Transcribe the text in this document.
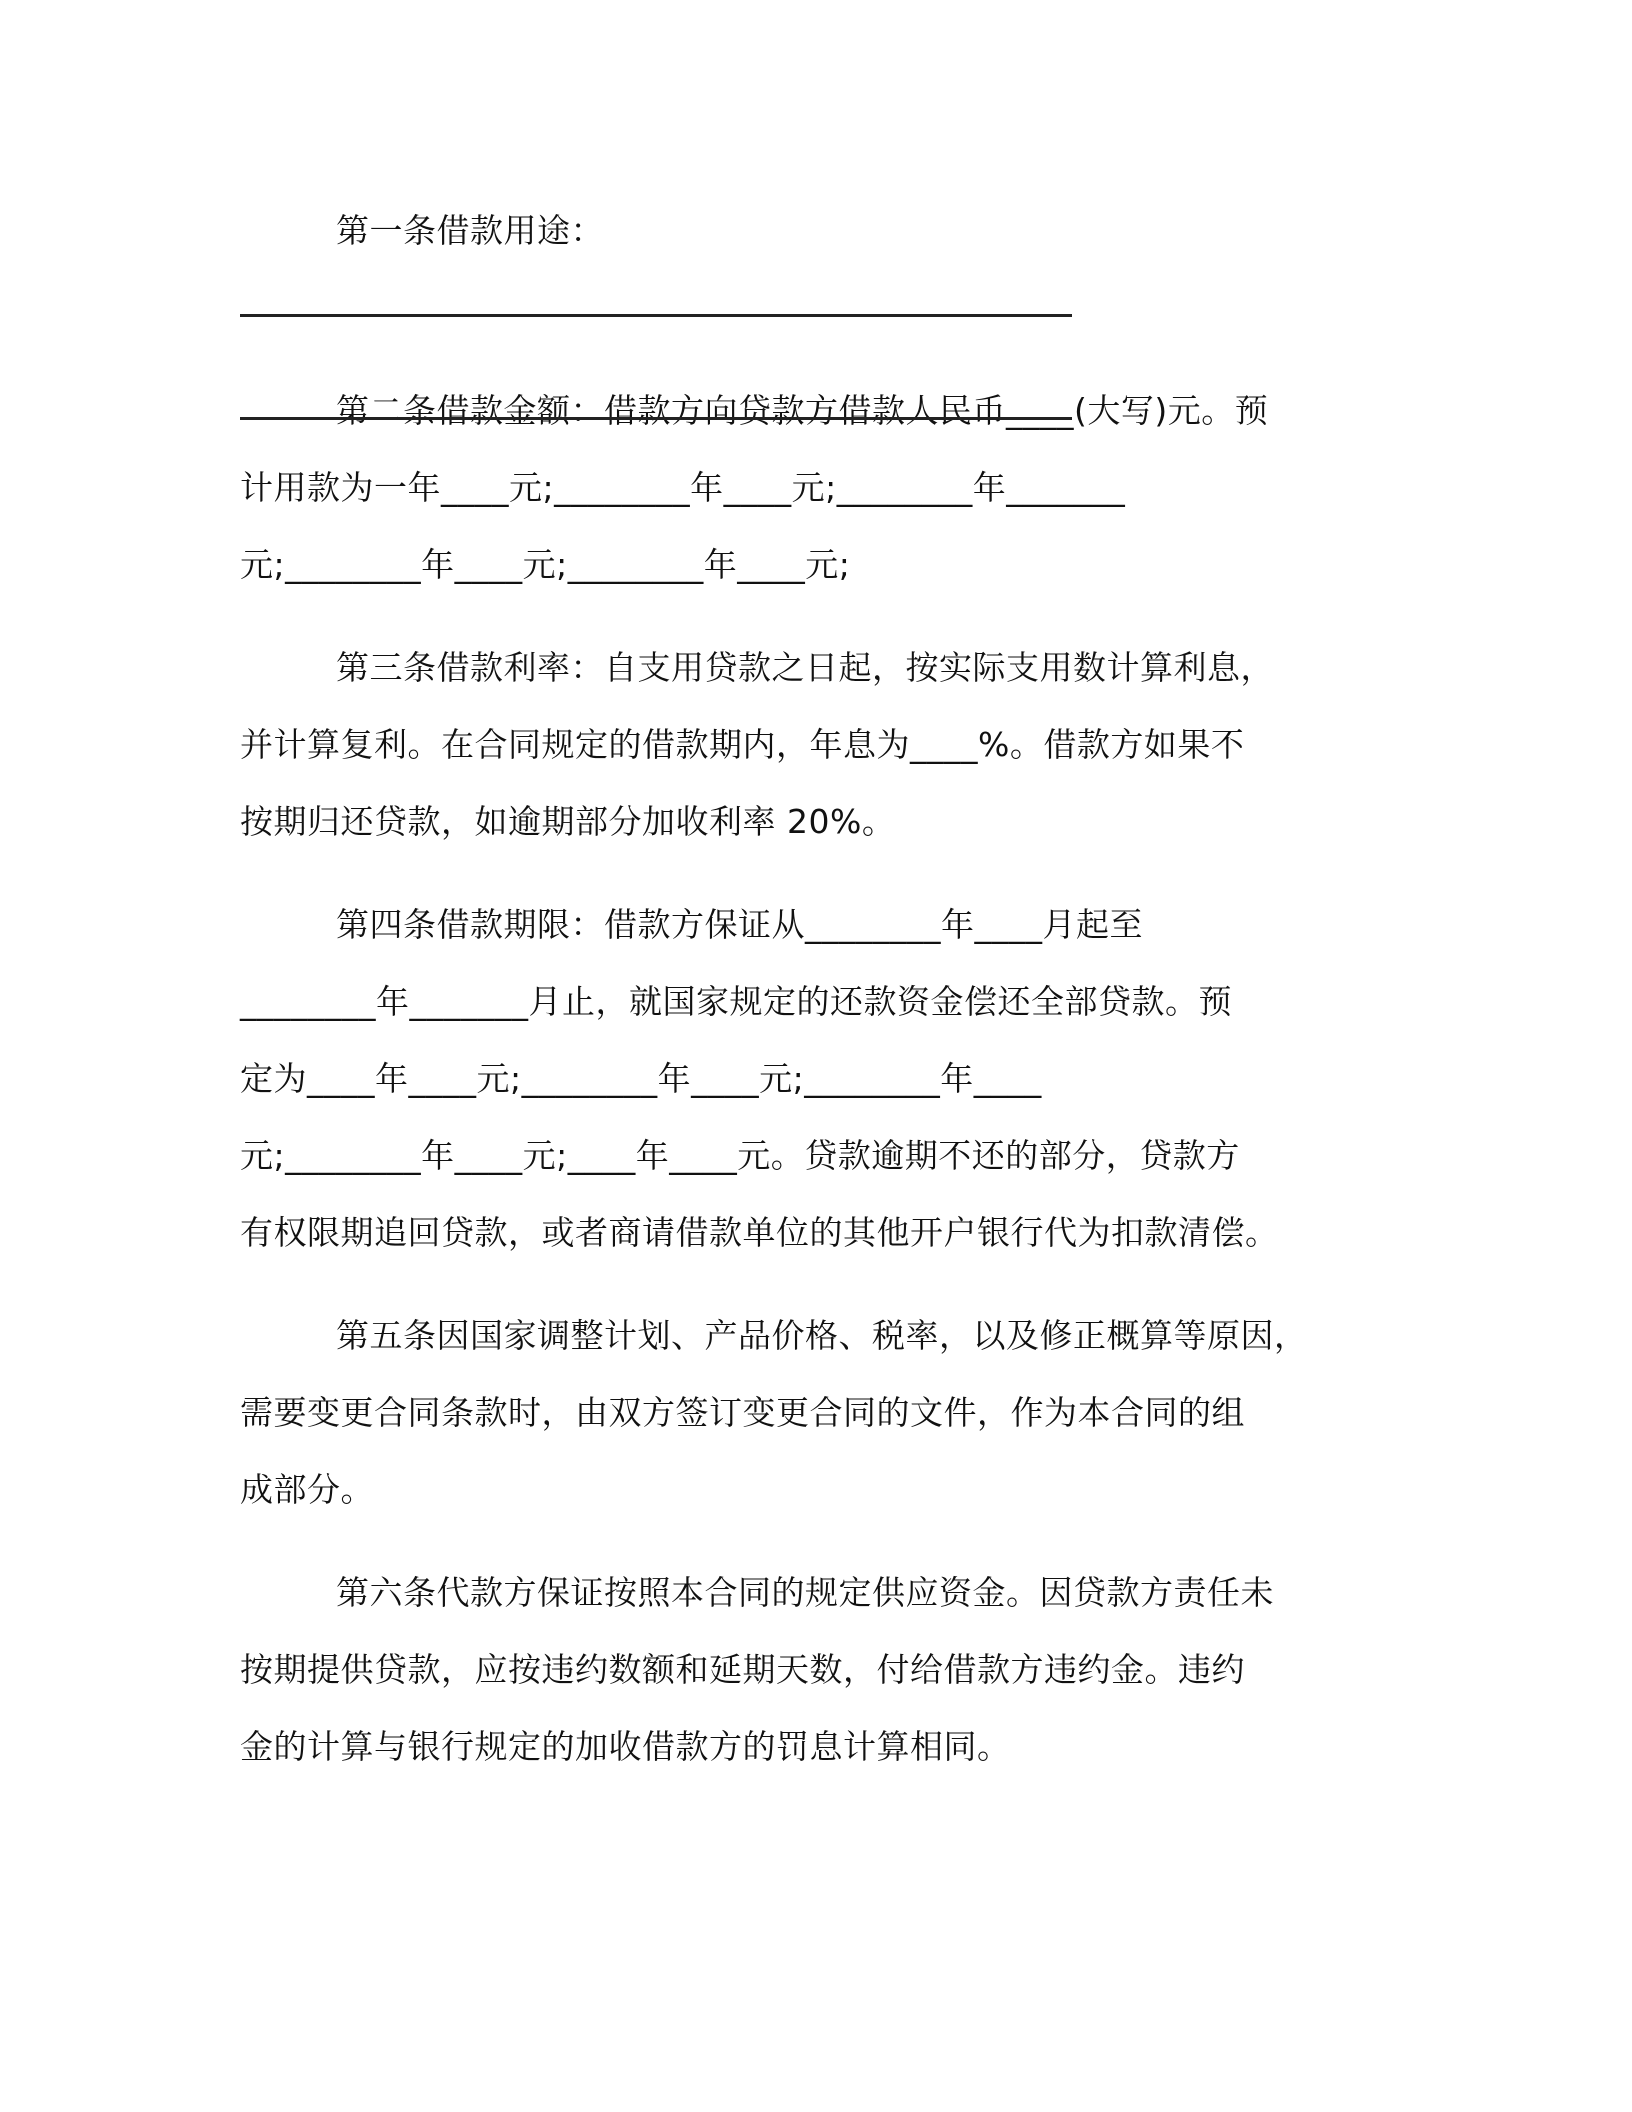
第一条借款用途：
第二条借款金额：借款方向贷款方借款人民币____(大写)元。预
计用款为一年____元;________年____元;________年_______
元;________年____元;________年____元;
第三条借款利率：自支用贷款之日起，按实际支用数计算利息，
并计算复利。在合同规定的借款期内，年息为____%。借款方如果不
按期归还贷款，如逾期部分加收利率 20%。
第四条借款期限：借款方保证从________年____月起至
________年_______月止，就国家规定的还款资金偿还全部贷款。预
定为____年____元;________年____元;________年____
元;________年____元;____年____元。贷款逾期不还的部分，贷款方
有权限期追回贷款，或者商请借款单位的其他开户银行代为扣款清偿。
第五条因国家调整计划、产品价格、税率，以及修正概算等原因，
需要变更合同条款时，由双方签订变更合同的文件，作为本合同的组
成部分。
第六条代款方保证按照本合同的规定供应资金。因贷款方责任未
按期提供贷款，应按违约数额和延期天数，付给借款方违约金。违约
金的计算与银行规定的加收借款方的罚息计算相同。
